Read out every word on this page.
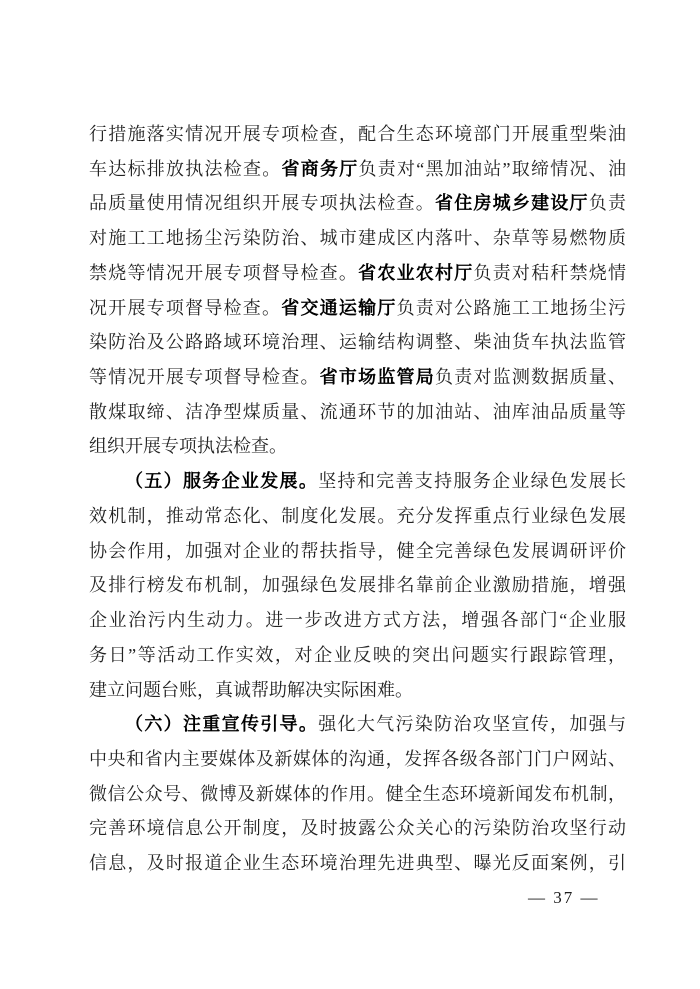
行措施落实情况开展专项检查，配合生态环境部门开展重型柴油

车达标排放执法检查。省商务厅负责对“黑加油站”取缔情况、油

品质量使用情况组织开展专项执法检查。省住房城乡建设厅负责

对施工工地扬尘污染防治、城市建成区内落叶、杂草等易燃物质

禁烧等情况开展专项督导检查。省农业农村厅负责对秸秆禁烧情

况开展专项督导检查。省交通运输厅负责对公路施工工地扬尘污

染防治及公路路域环境治理、运输结构调整、柴油货车执法监管

等情况开展专项督导检查。省市场监管局负责对监测数据质量、

散煤取缔、洁净型煤质量、流通环节的加油站、油库油品质量等

组织开展专项执法检查。

（五）服务企业发展。坚持和完善支持服务企业绿色发展长

效机制，推动常态化、制度化发展。充分发挥重点行业绿色发展

协会作用，加强对企业的帮扶指导，健全完善绿色发展调研评价

及排行榜发布机制，加强绿色发展排名靠前企业激励措施，增强

企业治污内生动力。进一步改进方式方法，增强各部门“企业服

务日”等活动工作实效，对企业反映的突出问题实行跟踪管理，

建立问题台账，真诚帮助解决实际困难。

（六）注重宣传引导。强化大气污染防治攻坚宣传，加强与

中央和省内主要媒体及新媒体的沟通，发挥各级各部门门户网站、

微信公众号、微博及新媒体的作用。健全生态环境新闻发布机制，

完善环境信息公开制度，及时披露公众关心的污染防治攻坚行动

信息，及时报道企业生态环境治理先进典型、曝光反面案例，引

— 37 —
